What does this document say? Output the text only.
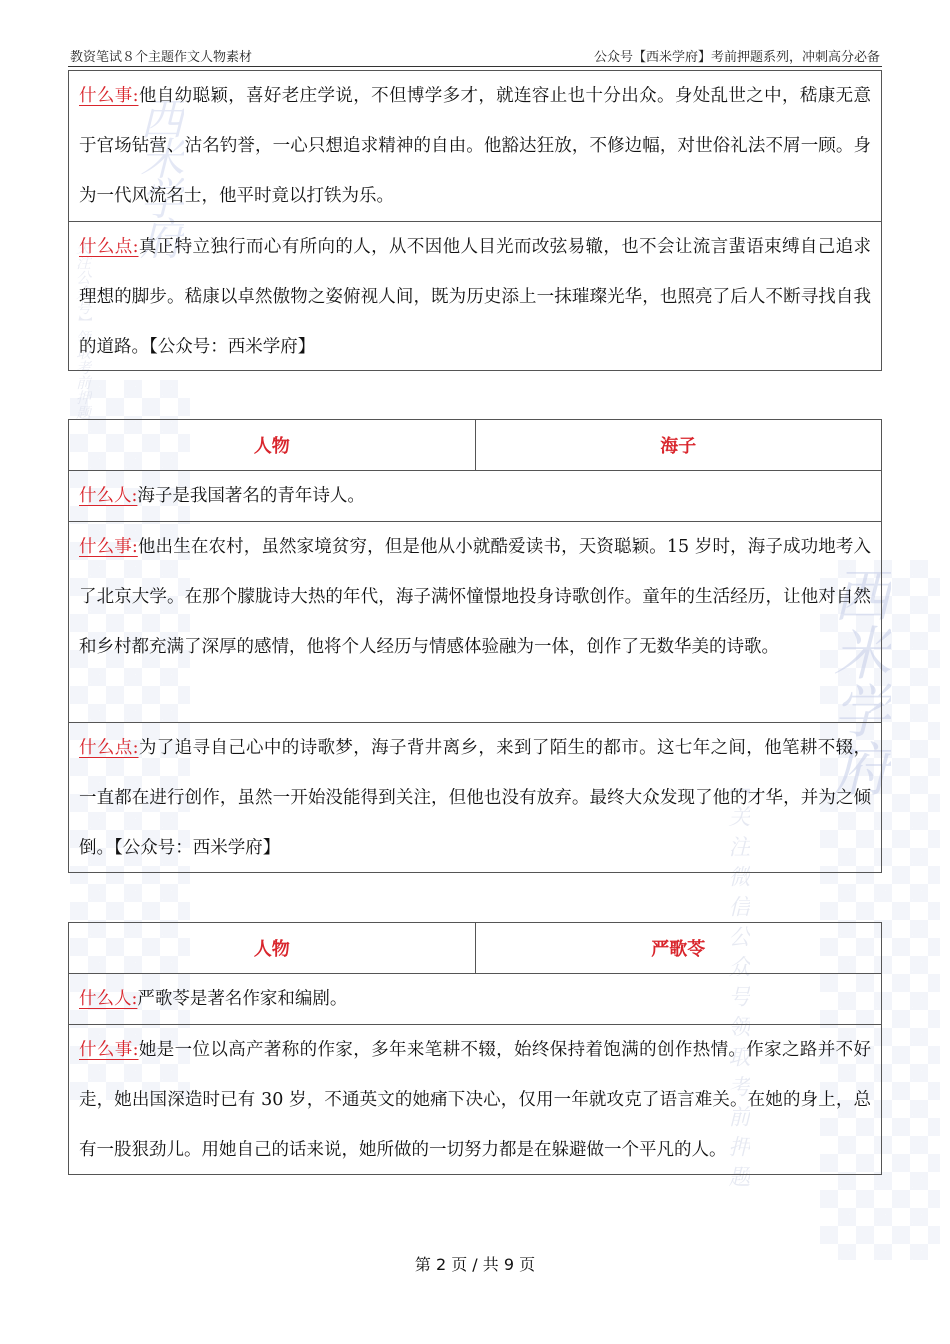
西米学府
关注公众号】领取考前押题
西米学府
【关注微信公众号领取考前押题
教资笔试８个主题作文人物素材	公众号【西米学府】考前押题系列，冲刺高分必备
什么事:他自幼聪颖，喜好老庄学说，不但博学多才，就连容止也十分出众。身处乱世之中，嵇康无意于官场钻营、沽名钓誉，一心只想追求精神的自由。他豁达狂放，不修边幅，对世俗礼法不屑一顾。身为一代风流名士，他平时竟以打铁为乐。
什么点:真正特立独行而心有所向的人，从不因他人目光而改弦易辙，也不会让流言蜚语束缚自己追求理想的脚步。嵇康以卓然傲物之姿俯视人间，既为历史添上一抹璀璨光华，也照亮了后人不断寻找自我的道路。【公众号：西米学府】
人物	海子
什么人:海子是我国著名的青年诗人。
什么事:他出生在农村，虽然家境贫穷，但是他从小就酷爱读书，天资聪颖。15 岁时，海子成功地考入了北京大学。在那个朦胧诗大热的年代，海子满怀憧憬地投身诗歌创作。童年的生活经历，让他对自然和乡村都充满了深厚的感情，他将个人经历与情感体验融为一体，创作了无数华美的诗歌。
什么点:为了追寻自己心中的诗歌梦，海子背井离乡，来到了陌生的都市。这七年之间，他笔耕不辍，一直都在进行创作，虽然一开始没能得到关注，但他也没有放弃。最终大众发现了他的才华，并为之倾倒。【公众号：西米学府】
人物	严歌苓
什么人:严歌苓是著名作家和编剧。
什么事:她是一位以高产著称的作家，多年来笔耕不辍，始终保持着饱满的创作热情。作家之路并不好走，她出国深造时已有 30 岁，不通英文的她痛下决心，仅用一年就攻克了语言难关。在她的身上，总有一股狠劲儿。用她自己的话来说，她所做的一切努力都是在躲避做一个平凡的人。
第 2 页 / 共 9 页
